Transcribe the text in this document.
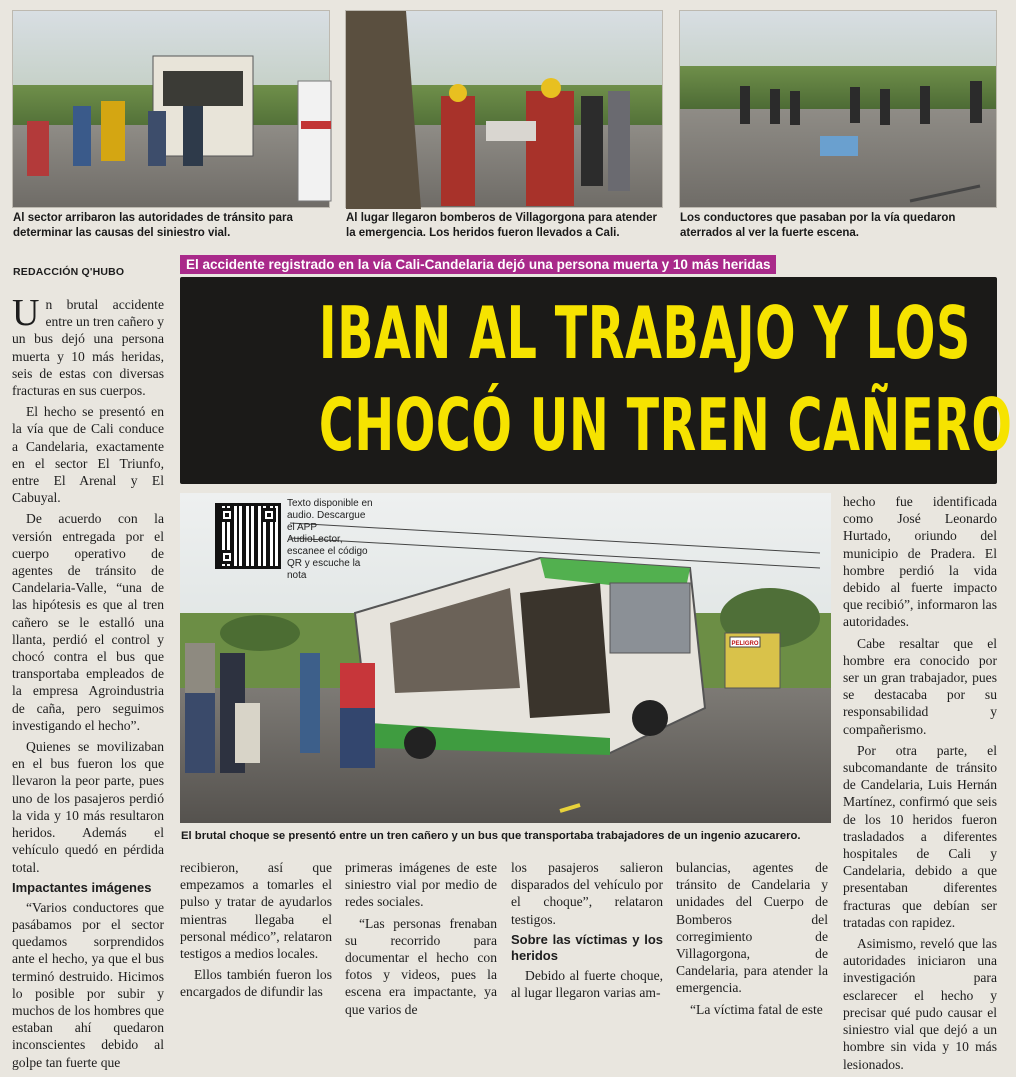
Al sector arribaron las autoridades de tránsito para determinar las causas del siniestro vial.
Al lugar llegaron bomberos de Villagorgona para atender la emergencia. Los heridos fueron llevados a Cali.
Los conductores que pasaban por la vía quedaron aterrados al ver la fuerte escena.
REDACCIÓN Q'HUBO	El accidente registrado en la vía Cali-Candelaria dejó una persona muerta y 10 más heridas
IBAN AL TRABAJO Y LOS
CHOCÓ UN TREN CAÑERO
PELIGRO
Texto disponible en audio. Descargue el APP AudioLector, escanee el código QR y escuche la nota
El brutal choque se presentó entre un tren cañero y un bus que transportaba trabajadores de un ingenio azucarero.

Un brutal accidente entre un tren cañero y un bus dejó una persona muerta y 10 más heridas, seis de estas con diversas fracturas en sus cuerpos.

El hecho se presentó en la vía que de Cali conduce a Candelaria, exactamente en el sector El Triunfo, entre El Arenal y El Cabuyal.

De acuerdo con la versión entregada por el cuerpo operativo de agentes de tránsito de Candelaria-Valle, “una de las hipótesis es que al tren cañero se le estalló una llanta, perdió el control y chocó contra el bus que transportaba empleados de la empresa Agroindustria de caña, pero seguimos investigando el hecho”.

Quienes se movilizaban en el bus fueron los que llevaron la peor parte, pues uno de los pasajeros perdió la vida y 10 más resultaron heridos. Además el vehículo quedó en pérdida total.

Impactantes imágenes

“Varios conductores que pasábamos por el sector quedamos sorprendidos ante el hecho, ya que el bus terminó destruido. Hicimos lo posible por subir y muchos de los hombres que estaban ahí quedaron inconscientes debido al golpe tan fuerte que

recibieron, así que empezamos a tomarles el pulso y tratar de ayudarlos mientras llegaba el personal médico”, relataron testigos a medios locales.

Ellos también fueron los encargados de difundir las

primeras imágenes de este siniestro vial por medio de redes sociales.

“Las personas frenaban su recorrido para documentar el hecho con fotos y videos, pues la escena era impactante, ya que varios de

los pasajeros salieron disparados del vehículo por el choque”, relataron testigos.

Sobre las víctimas y los heridos

Debido al fuerte choque, al lugar llegaron varias am-

bulancias, agentes de tránsito de Candelaria y unidades del Cuerpo de Bomberos del corregimiento de Villagorgona, de Candelaria, para atender la emergencia.

“La víctima fatal de este

hecho fue identificada como José Leonardo Hurtado, oriundo del municipio de Pradera. El hombre perdió la vida debido al fuerte impacto que recibió”, informaron las autoridades.

Cabe resaltar que el hombre era conocido por ser un gran trabajador, pues se destacaba por su responsabilidad y compañerismo.

Por otra parte, el subcomandante de tránsito de Candelaria, Luis Hernán Martínez, confirmó que seis de los 10 heridos fueron trasladados a diferentes hospitales de Cali y Candelaria, debido a que presentaban diferentes fracturas que debían ser tratadas con rapidez.

Asimismo, reveló que las autoridades iniciaron una investigación para esclarecer el hecho y precisar qué pudo causar el siniestro vial que dejó a un hombre sin vida y 10 más lesionados.
